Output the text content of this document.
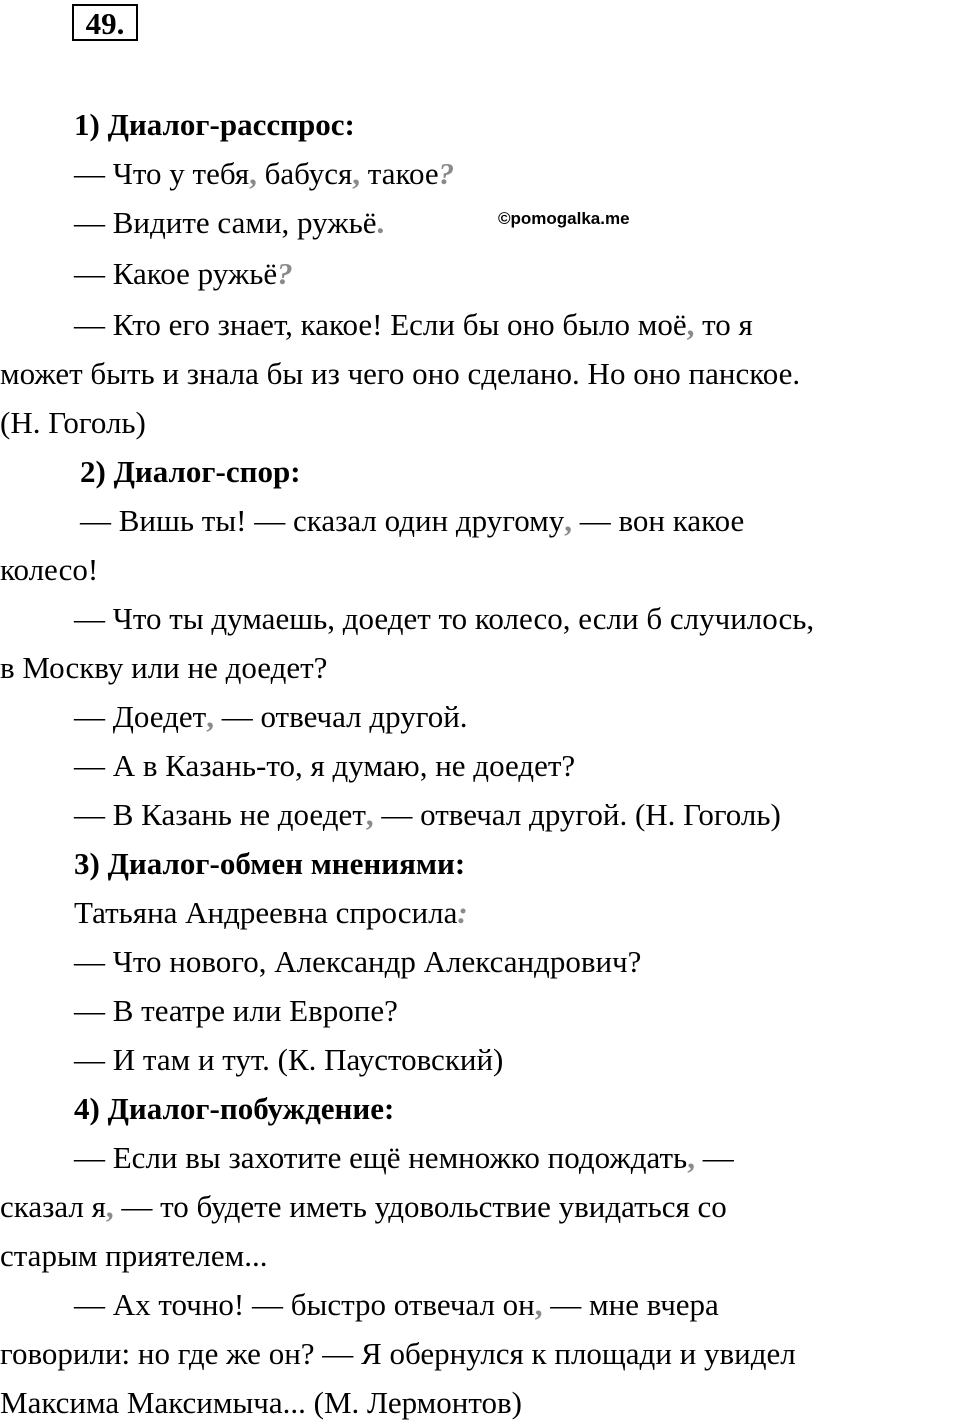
49.
1) Диалог-расспрос:
— Что у тебя, бабуся, такое?
— Видите сами, ружьё.	©pomogalka.me
— Какое ружьё?
— Кто его знает, какое! Если бы оно было моё, то я
может быть и знала бы из чего оно сделано. Но оно панское.
(Н. Гоголь)
2) Диалог-спор:
— Вишь ты! — сказал один другому, — вон какое
колесо!
— Что ты думаешь, доедет то колесо, если б случилось,
в Москву или не доедет?
— Доедет, — отвечал другой.
— А в Казань-то, я думаю, не доедет?
— В Казань не доедет, — отвечал другой. (Н. Гоголь)
3) Диалог-обмен мнениями:
Татьяна Андреевна спросила:
— Что нового, Александр Александрович?
— В театре или Европе?
— И там и тут. (К. Паустовский)
4) Диалог-побуждение:
— Если вы захотите ещё немножко подождать, —
сказал я, — то будете иметь удовольствие увидаться со
старым приятелем...
— Ах точно! — быстро отвечал он, — мне вчера
говорили: но где же он? — Я обернулся к площади и увидел
Максима Максимыча... (М. Лермонтов)
